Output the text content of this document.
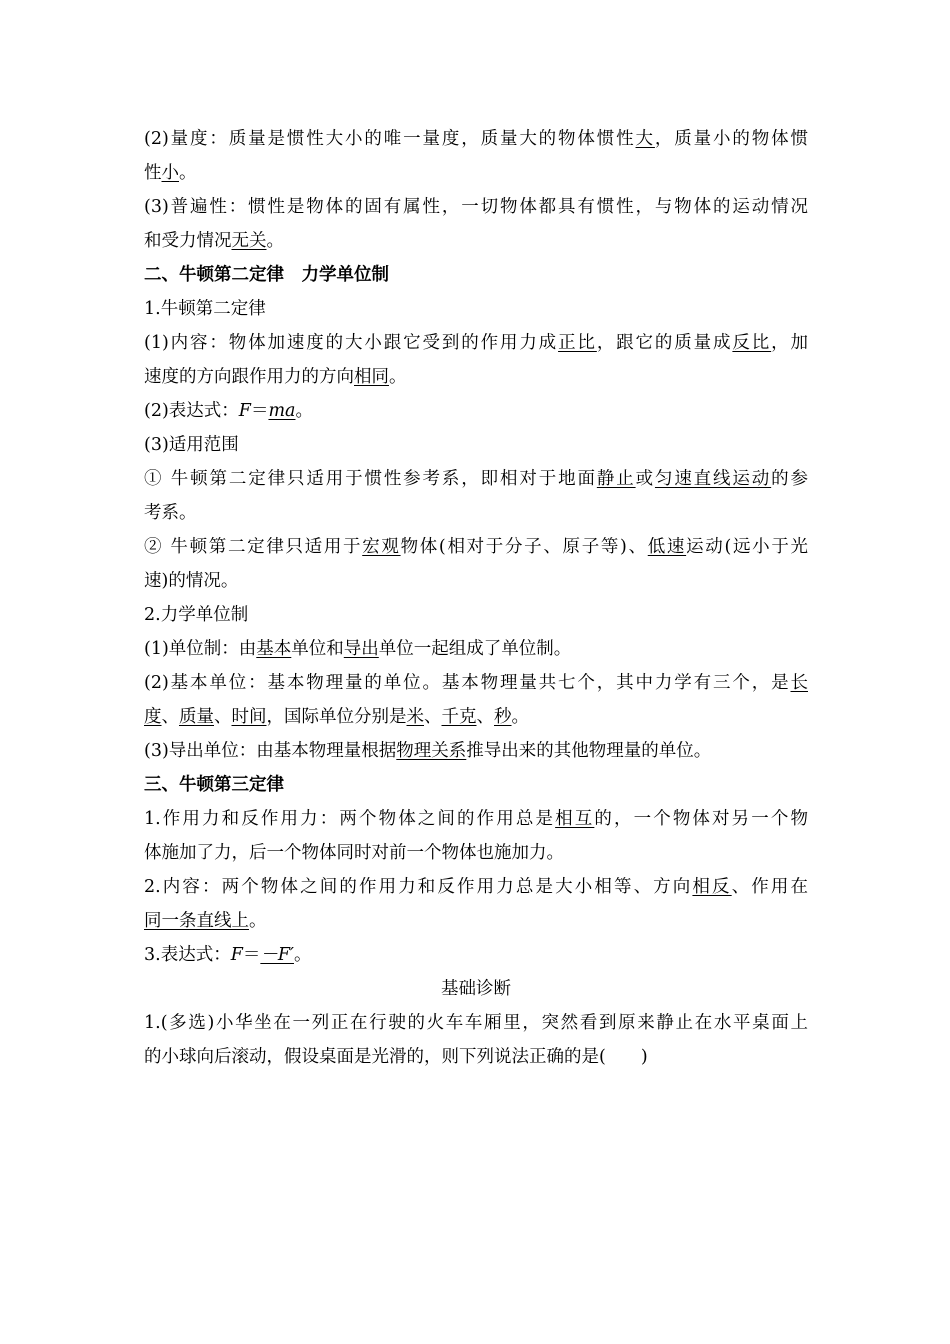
(2)量度：质量是惯性大小的唯一量度，质量大的物体惯性大，质量小的物体惯
性小。
(3)普遍性：惯性是物体的固有属性，一切物体都具有惯性，与物体的运动情况
和受力情况无关。
二、牛顿第二定律　力学单位制
1.牛顿第二定律
(1)内容：物体加速度的大小跟它受到的作用力成正比，跟它的质量成反比，加
速度的方向跟作用力的方向相同。
(2)表达式：F＝ma。
(3)适用范围
① 牛顿第二定律只适用于惯性参考系，即相对于地面静止或匀速直线运动的参
考系。
② 牛顿第二定律只适用于宏观物体(相对于分子、原子等)、低速运动(远小于光
速)的情况。
2.力学单位制
(1)单位制：由基本单位和导出单位一起组成了单位制。
(2)基本单位：基本物理量的单位。基本物理量共七个，其中力学有三个，是长
度、质量、时间，国际单位分别是米、千克、秒。
(3)导出单位：由基本物理量根据物理关系推导出来的其他物理量的单位。
三、牛顿第三定律
1.作用力和反作用力：两个物体之间的作用总是相互的，一个物体对另一个物
体施加了力，后一个物体同时对前一个物体也施加力。
2.内容：两个物体之间的作用力和反作用力总是大小相等、方向相反、作用在
同一条直线上。
3.表达式：F＝－F′。
基础诊断
1.(多选)小华坐在一列正在行驶的火车车厢里，突然看到原来静止在水平桌面上
的小球向后滚动，假设桌面是光滑的，则下列说法正确的是(　　 )
